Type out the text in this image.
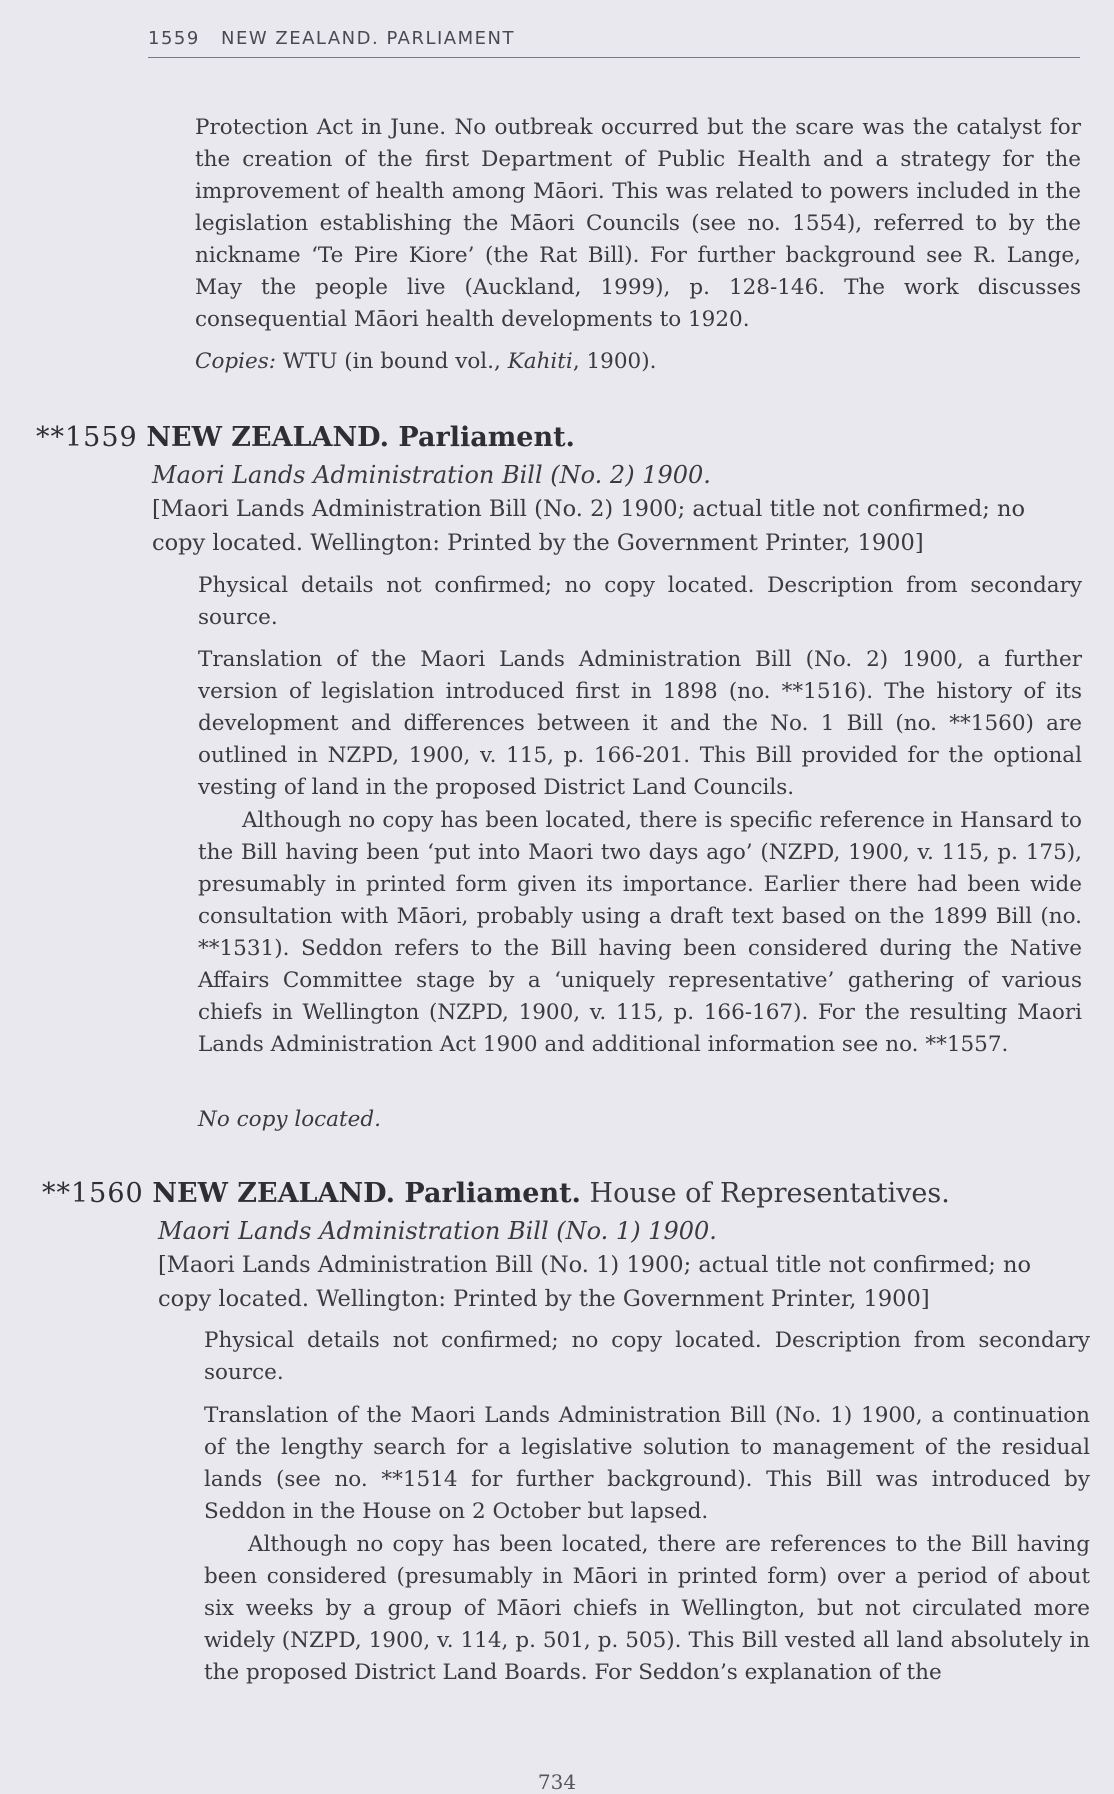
1559 NEW ZEALAND. PARLIAMENT

Protection Act in June. No outbreak occurred but the scare was the catalyst for the creation of the first Department of Public Health and a strategy for the improvement of health among Māori. This was related to powers included in the legislation establishing the Māori Councils (see no. 1554), referred to by the nickname ‘Te Pire Kiore’ (the Rat Bill). For further background see R. Lange, May the people live (Auckland, 1999), p. 128-146. The work discusses consequential Māori health developments to 1920.

Copies: WTU (in bound vol., Kahiti, 1900).

**1559 NEW ZEALAND. Parliament.

Maori Lands Administration Bill (No. 2) 1900.

[Maori Lands Administration Bill (No. 2) 1900; actual title not confirmed; no copy located. Wellington: Printed by the Government Printer, 1900]

Physical details not confirmed; no copy located. Description from secondary source.

Translation of the Maori Lands Administration Bill (No. 2) 1900, a further version of legislation introduced first in 1898 (no. **1516). The history of its development and differences between it and the No. 1 Bill (no. **1560) are outlined in NZPD, 1900, v. 115, p. 166-201. This Bill provided for the optional vesting of land in the proposed District Land Councils.

Although no copy has been located, there is specific reference in Hansard to the Bill having been ‘put into Maori two days ago’ (NZPD, 1900, v. 115, p. 175), presumably in printed form given its importance. Earlier there had been wide consultation with Māori, probably using a draft text based on the 1899 Bill (no. **1531). Seddon refers to the Bill having been considered during the Native Affairs Committee stage by a ‘uniquely representative’ gathering of various chiefs in Wellington (NZPD, 1900, v. 115, p. 166-167). For the resulting Maori Lands Administration Act 1900 and additional information see no. **1557.

No copy located.

**1560 NEW ZEALAND. Parliament. House of Representatives.

Maori Lands Administration Bill (No. 1) 1900.

[Maori Lands Administration Bill (No. 1) 1900; actual title not confirmed; no copy located. Wellington: Printed by the Government Printer, 1900]

Physical details not confirmed; no copy located. Description from secondary source.

Translation of the Maori Lands Administration Bill (No. 1) 1900, a continuation of the lengthy search for a legislative solution to management of the residual lands (see no. **1514 for further background). This Bill was introduced by Seddon in the House on 2 October but lapsed.

Although no copy has been located, there are references to the Bill having been considered (presumably in Māori in printed form) over a period of about six weeks by a group of Māori chiefs in Wellington, but not circulated more widely (NZPD, 1900, v. 114, p. 501, p. 505). This Bill vested all land absolutely in the proposed District Land Boards. For Seddon’s explanation of the

734
